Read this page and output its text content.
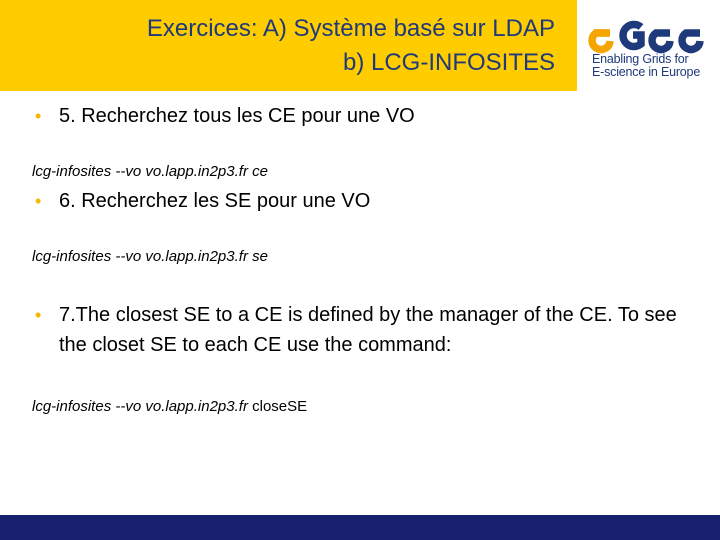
Exercices: A) Système basé sur LDAP
b) LCG-INFOSITES	Enabling Grids for
E-science in Europe
• 5. Recherchez tous les CE pour une VO
lcg-infosites --vo vo.lapp.in2p3.fr ce
• 6. Recherchez les SE pour une VO
lcg-infosites --vo vo.lapp.in2p3.fr se
• 7.The closest SE to a CE is defined by the manager of the CE. To see the closet SE to each CE use the command:
lcg-infosites --vo vo.lapp.in2p3.fr closeSE
